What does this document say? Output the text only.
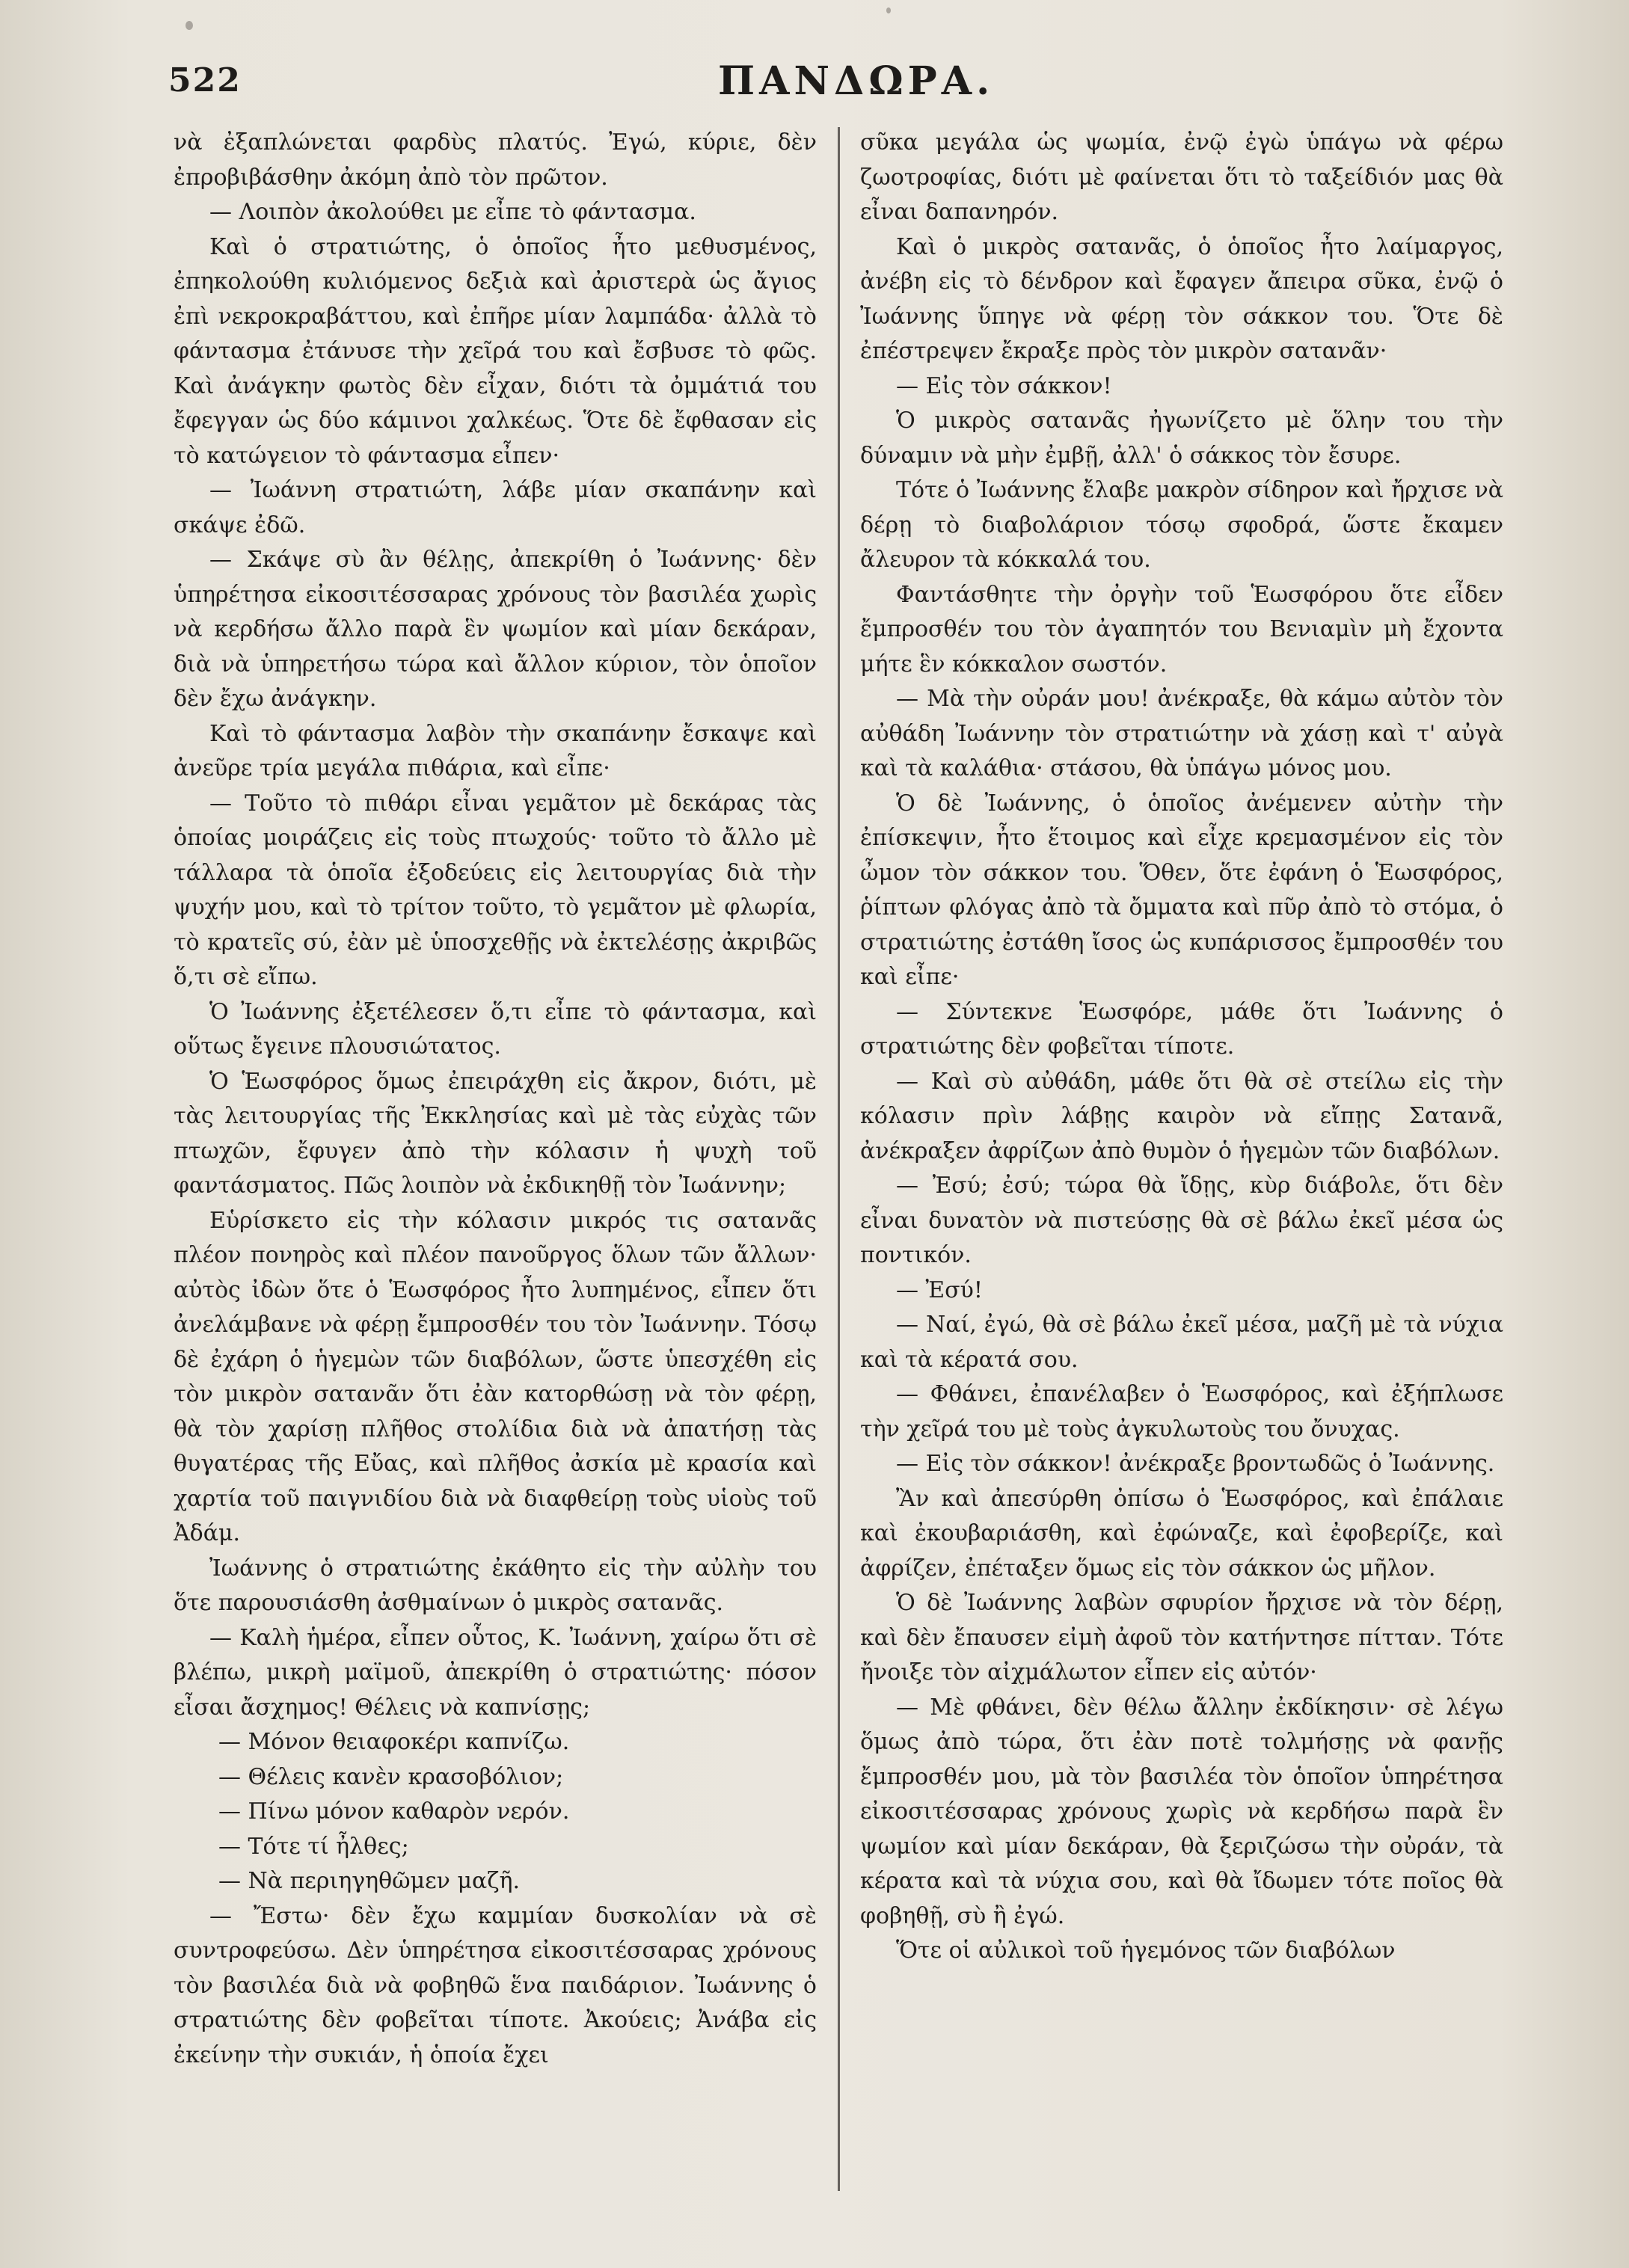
522	ΠΑΝΔΩΡΑ.

νὰ ἐξαπλώνεται φαρδὺς πλατύς. Ἐγώ, κύριε, δὲν ἐπροβιβάσθην ἀκόμη ἀπὸ τὸν πρῶτον.

— Λοιπὸν ἀκολούθει με εἶπε τὸ φάντασμα.

Καὶ ὁ στρατιώτης, ὁ ὁποῖος ἦτο μεθυσμένος, ἐπηκολούθη κυλιόμενος δεξιὰ καὶ ἀριστερὰ ὡς ἄγιος ἐπὶ νεκροκραβάττου, καὶ ἐπῆρε μίαν λαμπάδα· ἀλλὰ τὸ φάντασμα ἐτάνυσε τὴν χεῖρά του καὶ ἔσβυσε τὸ φῶς. Καὶ ἀνάγκην φωτὸς δὲν εἶχαν, διότι τὰ ὀμμάτιά του ἔφεγγαν ὡς δύο κάμινοι χαλκέως. Ὅτε δὲ ἔφθασαν εἰς τὸ κατώγειον τὸ φάντασμα εἶπεν·

— Ἰωάννη στρατιώτη, λάβε μίαν σκαπάνην καὶ σκάψε ἐδῶ.

— Σκάψε σὺ ἂν θέλῃς, ἀπεκρίθη ὁ Ἰωάννης· δὲν ὑπηρέτησα εἰκοσιτέσσαρας χρόνους τὸν βασιλέα χωρὶς νὰ κερδήσω ἄλλο παρὰ ἓν ψωμίον καὶ μίαν δεκάραν, διὰ νὰ ὑπηρετήσω τώρα καὶ ἄλλον κύριον, τὸν ὁποῖον δὲν ἔχω ἀνάγκην.

Καὶ τὸ φάντασμα λαβὸν τὴν σκαπάνην ἔσκαψε καὶ ἀνεῦρε τρία μεγάλα πιθάρια, καὶ εἶπε·

— Τοῦτο τὸ πιθάρι εἶναι γεμᾶτον μὲ δεκάρας τὰς ὁποίας μοιράζεις εἰς τοὺς πτωχούς· τοῦτο τὸ ἄλλο μὲ τάλλαρα τὰ ὁποῖα ἐξοδεύεις εἰς λειτουργίας διὰ τὴν ψυχήν μου, καὶ τὸ τρίτον τοῦτο, τὸ γεμᾶτον μὲ φλωρία, τὸ κρατεῖς σύ, ἐὰν μὲ ὑποσχεθῇς νὰ ἐκτελέσῃς ἀκριβῶς ὅ,τι σὲ εἴπω.

Ὁ Ἰωάννης ἐξετέλεσεν ὅ,τι εἶπε τὸ φάντασμα, καὶ οὕτως ἔγεινε πλουσιώτατος.

Ὁ Ἑωσφόρος ὅμως ἐπειράχθη εἰς ἄκρον, διότι, μὲ τὰς λειτουργίας τῆς Ἐκκλησίας καὶ μὲ τὰς εὐχὰς τῶν πτωχῶν, ἔφυγεν ἀπὸ τὴν κόλασιν ἡ ψυχὴ τοῦ φαντάσματος. Πῶς λοιπὸν νὰ ἐκδικηθῇ τὸν Ἰωάννην;

Εὑρίσκετο εἰς τὴν κόλασιν μικρός τις σατανᾶς πλέον πονηρὸς καὶ πλέον πανοῦργος ὅλων τῶν ἄλλων· αὐτὸς ἰδὼν ὅτε ὁ Ἑωσφόρος ἦτο λυπημένος, εἶπεν ὅτι ἀνελάμβανε νὰ φέρῃ ἔμπροσθέν του τὸν Ἰωάννην. Τόσῳ δὲ ἐχάρη ὁ ἡγεμὼν τῶν διαβόλων, ὥστε ὑπεσχέθη εἰς τὸν μικρὸν σατανᾶν ὅτι ἐὰν κατορθώσῃ νὰ τὸν φέρῃ, θὰ τὸν χαρίσῃ πλῆθος στολίδια διὰ νὰ ἀπατήσῃ τὰς θυγατέρας τῆς Εὔας, καὶ πλῆθος ἀσκία μὲ κρασία καὶ χαρτία τοῦ παιγνιδίου διὰ νὰ διαφθείρῃ τοὺς υἱοὺς τοῦ Ἀδάμ.

Ἰωάννης ὁ στρατιώτης ἐκάθητο εἰς τὴν αὐλὴν του ὅτε παρουσιάσθη ἀσθμαίνων ὁ μικρὸς σατανᾶς.

— Καλὴ ἡμέρα, εἶπεν οὗτος, Κ. Ἰωάννη, χαίρω ὅτι σὲ βλέπω, μικρὴ μαϊμοῦ, ἀπεκρίθη ὁ στρατιώτης· πόσον εἶσαι ἄσχημος! Θέλεις νὰ καπνίσῃς;

— Μόνον θειαφοκέρι καπνίζω.

— Θέλεις κανὲν κρασοβόλιον;

— Πίνω μόνον καθαρὸν νερόν.

— Τότε τί ἦλθες;

— Νὰ περιηγηθῶμεν μαζῆ.

— Ἔστω· δὲν ἔχω καμμίαν δυσκολίαν νὰ σὲ συντροφεύσω. Δὲν ὑπηρέτησα εἰκοσιτέσσαρας χρόνους τὸν βασιλέα διὰ νὰ φοβηθῶ ἕνα παιδάριον. Ἰωάννης ὁ στρατιώτης δὲν φοβεῖται τίποτε. Ἀκούεις; Ἀνάβα εἰς ἐκείνην τὴν συκιάν, ἡ ὁποία ἔχει

σῦκα μεγάλα ὡς ψωμία, ἐνῷ ἐγὼ ὑπάγω νὰ φέρω ζωοτροφίας, διότι μὲ φαίνεται ὅτι τὸ ταξείδιόν μας θὰ εἶναι δαπανηρόν.

Καὶ ὁ μικρὸς σατανᾶς, ὁ ὁποῖος ἦτο λαίμαργος, ἀνέβη εἰς τὸ δένδρον καὶ ἔφαγεν ἄπειρα σῦκα, ἐνῷ ὁ Ἰωάννης ὕπηγε νὰ φέρῃ τὸν σάκκον του. Ὅτε δὲ ἐπέστρεψεν ἔκραξε πρὸς τὸν μικρὸν σατανᾶν·

— Εἰς τὸν σάκκον!

Ὁ μικρὸς σατανᾶς ἠγωνίζετο μὲ ὅλην του τὴν δύναμιν νὰ μὴν ἐμβῇ, ἀλλ' ὁ σάκκος τὸν ἔσυρε.

Τότε ὁ Ἰωάννης ἔλαβε μακρὸν σίδηρον καὶ ἤρχισε νὰ δέρῃ τὸ διαβολάριον τόσῳ σφοδρά, ὥστε ἔκαμεν ἄλευρον τὰ κόκκαλά του.

Φαντάσθητε τὴν ὀργὴν τοῦ Ἑωσφόρου ὅτε εἶδεν ἔμπροσθέν του τὸν ἀγαπητόν του Βενιαμὶν μὴ ἔχοντα μήτε ἓν κόκκαλον σωστόν.

— Μὰ τὴν οὐράν μου! ἀνέκραξε, θὰ κάμω αὐτὸν τὸν αὐθάδη Ἰωάννην τὸν στρατιώτην νὰ χάσῃ καὶ τ' αὐγὰ καὶ τὰ καλάθια· στάσου, θὰ ὑπάγω μόνος μου.

Ὁ δὲ Ἰωάννης, ὁ ὁποῖος ἀνέμενεν αὐτὴν τὴν ἐπίσκεψιν, ἦτο ἕτοιμος καὶ εἶχε κρεμασμένον εἰς τὸν ὦμον τὸν σάκκον του. Ὅθεν, ὅτε ἐφάνη ὁ Ἑωσφόρος, ῥίπτων φλόγας ἀπὸ τὰ ὄμματα καὶ πῦρ ἀπὸ τὸ στόμα, ὁ στρατιώτης ἐστάθη ἴσος ὡς κυπάρισσος ἔμπροσθέν του καὶ εἶπε·

— Σύντεκνε Ἑωσφόρε, μάθε ὅτι Ἰωάννης ὁ στρατιώτης δὲν φοβεῖται τίποτε.

— Καὶ σὺ αὐθάδη, μάθε ὅτι θὰ σὲ στείλω εἰς τὴν κόλασιν πρὶν λάβῃς καιρὸν νὰ εἴπῃς Σατανᾶ, ἀνέκραξεν ἀφρίζων ἀπὸ θυμὸν ὁ ἡγεμὼν τῶν διαβόλων.

— Ἐσύ; ἐσύ; τώρα θὰ ἴδῃς, κὺρ διάβολε, ὅτι δὲν εἶναι δυνατὸν νὰ πιστεύσῃς θὰ σὲ βάλω ἐκεῖ μέσα ὡς ποντικόν.

— Ἐσύ!

— Ναί, ἐγώ, θὰ σὲ βάλω ἐκεῖ μέσα, μαζῆ μὲ τὰ νύχια καὶ τὰ κέρατά σου.

— Φθάνει, ἐπανέλαβεν ὁ Ἑωσφόρος, καὶ ἐξήπλωσε τὴν χεῖρά του μὲ τοὺς ἀγκυλωτοὺς του ὄνυχας.

— Εἰς τὸν σάκκον! ἀνέκραξε βροντωδῶς ὁ Ἰωάννης.

Ἂν καὶ ἀπεσύρθη ὀπίσω ὁ Ἑωσφόρος, καὶ ἐπάλαιε καὶ ἐκουβαριάσθη, καὶ ἐφώναζε, καὶ ἐφοβερίζε, καὶ ἀφρίζεν, ἐπέταξεν ὅμως εἰς τὸν σάκκον ὡς μῆλον.

Ὁ δὲ Ἰωάννης λαβὼν σφυρίον ἤρχισε νὰ τὸν δέρῃ, καὶ δὲν ἔπαυσεν εἰμὴ ἀφοῦ τὸν κατήντησε πίτταν. Τότε ἤνοιξε τὸν αἰχμάλωτον εἶπεν εἰς αὐτόν·

— Μὲ φθάνει, δὲν θέλω ἄλλην ἐκδίκησιν· σὲ λέγω ὅμως ἀπὸ τώρα, ὅτι ἐὰν ποτὲ τολμήσῃς νὰ φανῇς ἔμπροσθέν μου, μὰ τὸν βασιλέα τὸν ὁποῖον ὑπηρέτησα εἰκοσιτέσσαρας χρόνους χωρὶς νὰ κερδήσω παρὰ ἓν ψωμίον καὶ μίαν δεκάραν, θὰ ξεριζώσω τὴν οὐράν, τὰ κέρατα καὶ τὰ νύχια σου, καὶ θὰ ἴδωμεν τότε ποῖος θὰ φοβηθῇ, σὺ ἢ ἐγώ.

Ὅτε οἱ αὐλικοὶ τοῦ ἡγεμόνος τῶν διαβόλων
